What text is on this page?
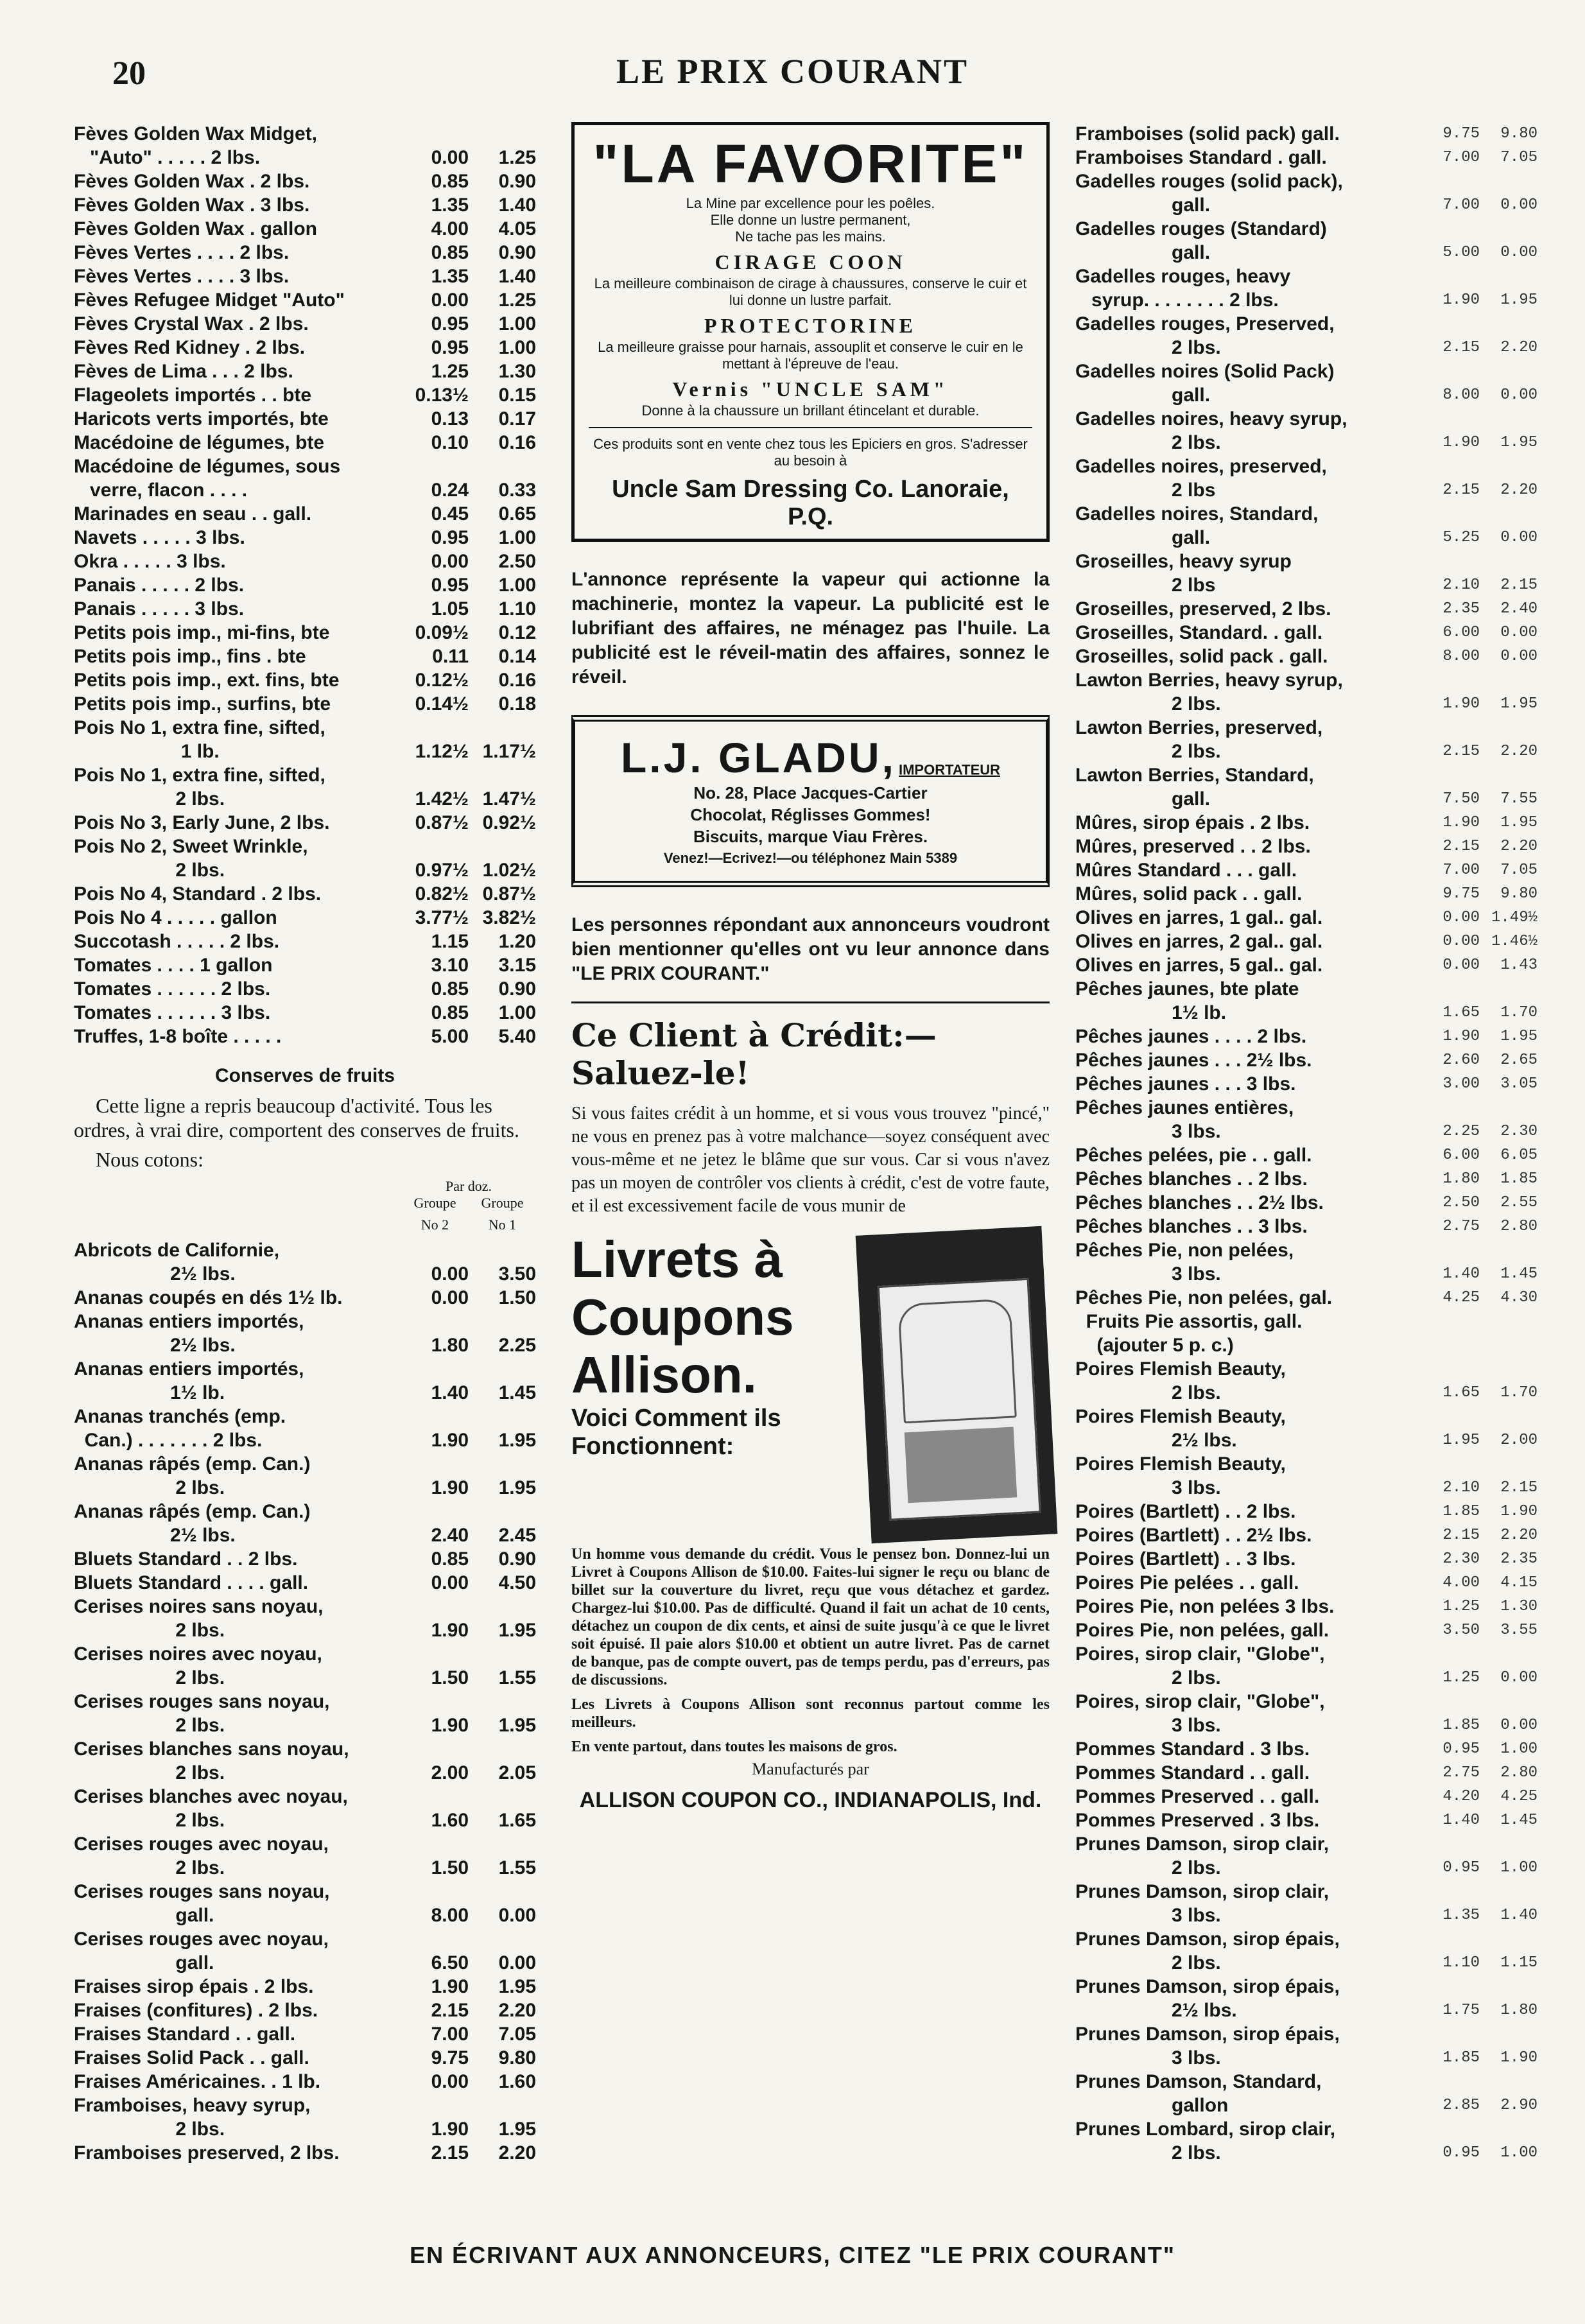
20	LE PRIX COURANT
Fèves Golden Wax Midget,
"Auto" . . . . . 2 lbs.	0.00	1.25
Fèves Golden Wax . 2 lbs.	0.85	0.90
Fèves Golden Wax . 3 lbs.	1.35	1.40
Fèves Golden Wax . gallon	4.00	4.05
Fèves Vertes . . . . 2 lbs.	0.85	0.90
Fèves Vertes . . . . 3 lbs.	1.35	1.40
Fèves Refugee Midget "Auto"	0.00	1.25
Fèves Crystal Wax . 2 lbs.	0.95	1.00
Fèves Red Kidney . 2 lbs.	0.95	1.00
Fèves de Lima . . . 2 lbs.	1.25	1.30
Flageolets importés . . bte	0.13½	0.15
Haricots verts importés, bte	0.13	0.17
Macédoine de légumes, bte	0.10	0.16
Macédoine de légumes, sous
verre, flacon . . . .	0.24	0.33
Marinades en seau . . gall.	0.45	0.65
Navets . . . . . 3 lbs.	0.95	1.00
Okra . . . . . 3 lbs.	0.00	2.50
Panais . . . . . 2 lbs.	0.95	1.00
Panais . . . . . 3 lbs.	1.05	1.10
Petits pois imp., mi-fins, bte	0.09½	0.12
Petits pois imp., fins . bte	0.11	0.14
Petits pois imp., ext. fins, bte	0.12½	0.16
Petits pois imp., surfins, bte	0.14½	0.18
Pois No 1, extra fine, sifted,
1 lb.	1.12½ 1.17½
Pois No 1, extra fine, sifted,
2 lbs.	1.42½ 1.47½
Pois No 3, Early June, 2 lbs.	0.87½ 0.92½
Pois No 2, Sweet Wrinkle,
2 lbs.	0.97½ 1.02½
Pois No 4, Standard . 2 lbs.	0.82½ 0.87½
Pois No 4 . . . . . gallon	3.77½ 3.82½
Succotash . . . . . 2 lbs.	1.15	1.20
Tomates . . . . 1 gallon	3.10	3.15
Tomates . . . . . . 2 lbs.	0.85	0.90
Tomates . . . . . . 3 lbs.	0.85	1.00
Truffes, 1-8 boîte . . . . .	5.00	5.40
Conserves de fruits

Cette ligne a repris beaucoup d'activité. Tous les ordres, à vrai dire, comportent des conserves de fruits.

Nous cotons:

Par doz.
Groupe	Groupe
No 2	No 1
Abricots de Californie,
2½ lbs.	0.00	3.50
Ananas coupés en dés 1½ lb.	0.00	1.50
Ananas entiers importés,
2½ lbs.	1.80	2.25
Ananas entiers importés,
1½ lb.	1.40	1.45
Ananas tranchés (emp.
Can.) . . . . . . . 2 lbs.	1.90	1.95
Ananas râpés (emp. Can.)
2 lbs.	1.90	1.95
Ananas râpés (emp. Can.)
2½ lbs.	2.40	2.45
Bluets Standard . . 2 lbs.	0.85	0.90
Bluets Standard . . . . gall.	0.00	4.50
Cerises noires sans noyau,
2 lbs.	1.90	1.95
Cerises noires avec noyau,
2 lbs.	1.50	1.55
Cerises rouges sans noyau,
2 lbs.	1.90	1.95
Cerises blanches sans noyau,
2 lbs.	2.00	2.05
Cerises blanches avec noyau,
2 lbs.	1.60	1.65
Cerises rouges avec noyau,
2 lbs.	1.50	1.55
Cerises rouges sans noyau,
gall.	8.00	0.00
Cerises rouges avec noyau,
gall.	6.50	0.00
Fraises sirop épais . 2 lbs.	1.90	1.95
Fraises (confitures) . 2 lbs.	2.15	2.20
Fraises Standard . . gall.	7.00	7.05
Fraises Solid Pack . . gall.	9.75	9.80
Fraises Américaines. . 1 lb.	0.00	1.60
Framboises, heavy syrup,
2 lbs.	1.90	1.95
Framboises preserved, 2 lbs.	2.15	2.20
"LA FAVORITE"
La Mine par excellence pour les poêles.
Elle donne un lustre permanent,
Ne tache pas les mains.
CIRAGE COON
La meilleure combinaison de cirage à chaussures, conserve le cuir et lui donne un lustre parfait.
PROTECTORINE
La meilleure graisse pour harnais, assouplit et conserve le cuir en le mettant à l'épreuve de l'eau.
Vernis "UNCLE SAM"
Donne à la chaussure un brillant étincelant et durable.
Ces produits sont en vente chez tous les Epiciers en gros. S'adresser au besoin à
Uncle Sam Dressing Co. Lanoraie, P.Q.
L'annonce représente la vapeur qui actionne la machinerie, montez la vapeur. La publicité est le lubrifiant des affaires, ne ménagez pas l'huile. La publicité est le réveil-matin des affaires, sonnez le réveil.
L.J. GLADU, IMPORTATEUR
No. 28, Place Jacques-Cartier
Chocolat, Réglisses Gommes!
Biscuits, marque Viau Frères.
Venez!—Ecrivez!—ou téléphonez Main 5389
Les personnes répondant aux annonceurs voudront bien mentionner qu'elles ont vu leur annonce dans "LE PRIX COURANT."
Ce Client à Crédit:—Saluez-le!
Si vous faites crédit à un homme, et si vous vous trouvez "pincé," ne vous en prenez pas à votre malchance—soyez conséquent avec vous-même et ne jetez le blâme que sur vous. Car si vous n'avez pas un moyen de contrôler vos clients à crédit, c'est de votre faute, et il est excessivement facile de vous munir de
Livrets à Coupons Allison.
Voici Comment ils Fonctionnent:
Un homme vous demande du crédit. Vous le pensez bon. Donnez-lui un Livret à Coupons Allison de $10.00. Faites-lui signer le reçu ou blanc de billet sur la couverture du livret, reçu que vous détachez et gardez. Chargez-lui $10.00. Pas de difficulté. Quand il fait un achat de 10 cents, détachez un coupon de dix cents, et ainsi de suite jusqu'à ce que le livret soit épuisé. Il paie alors $10.00 et obtient un autre livret. Pas de carnet de banque, pas de compte ouvert, pas de temps perdu, pas d'erreurs, pas de discussions.
Les Livrets à Coupons Allison sont reconnus partout comme les meilleurs.
En vente partout, dans toutes les maisons de gros.
Manufacturés par
ALLISON COUPON CO., INDIANAPOLIS, Ind.
Framboises (solid pack) gall.	9.75	9.80
Framboises Standard . gall.	7.00	7.05
Gadelles rouges (solid pack),
gall.	7.00	0.00
Gadelles rouges (Standard)
gall.	5.00	0.00
Gadelles rouges, heavy
syrup. . . . . . . . 2 lbs.	1.90	1.95
Gadelles rouges, Preserved,
2 lbs.	2.15	2.20
Gadelles noires (Solid Pack)
gall.	8.00	0.00
Gadelles noires, heavy syrup,
2 lbs.	1.90	1.95
Gadelles noires, preserved,
2 lbs	2.15	2.20
Gadelles noires, Standard,
gall.	5.25	0.00
Groseilles, heavy syrup
2 lbs	2.10	2.15
Groseilles, preserved, 2 lbs.	2.35	2.40
Groseilles, Standard. . gall.	6.00	0.00
Groseilles, solid pack . gall.	8.00	0.00
Lawton Berries, heavy syrup,
2 lbs.	1.90	1.95
Lawton Berries, preserved,
2 lbs.	2.15	2.20
Lawton Berries, Standard,
gall.	7.50	7.55
Mûres, sirop épais . 2 lbs.	1.90	1.95
Mûres, preserved . . 2 lbs.	2.15	2.20
Mûres Standard . . . gall.	7.00	7.05
Mûres, solid pack . . gall.	9.75	9.80
Olives en jarres, 1 gal.. gal.	0.00 1.49½
Olives en jarres, 2 gal.. gal.	0.00 1.46½
Olives en jarres, 5 gal.. gal.	0.00	1.43
Pêches jaunes, bte plate
1½ lb.	1.65	1.70
Pêches jaunes . . . . 2 lbs.	1.90	1.95
Pêches jaunes . . . 2½ lbs.	2.60	2.65
Pêches jaunes . . . 3 lbs.	3.00	3.05
Pêches jaunes entières,
3 lbs.	2.25	2.30
Pêches pelées, pie . . gall.	6.00	6.05
Pêches blanches . . 2 lbs.	1.80	1.85
Pêches blanches . . 2½ lbs.	2.50	2.55
Pêches blanches . . 3 lbs.	2.75	2.80
Pêches Pie, non pelées,
3 lbs.	1.40	1.45
Pêches Pie, non pelées, gal.	4.25	4.30
Fruits Pie assortis, gall.
(ajouter 5 p. c.)
Poires Flemish Beauty,
2 lbs.	1.65	1.70
Poires Flemish Beauty,
2½ lbs.	1.95	2.00
Poires Flemish Beauty,
3 lbs.	2.10	2.15
Poires (Bartlett) . . 2 lbs.	1.85	1.90
Poires (Bartlett) . . 2½ lbs.	2.15	2.20
Poires (Bartlett) . . 3 lbs.	2.30	2.35
Poires Pie pelées . . gall.	4.00	4.15
Poires Pie, non pelées 3 lbs.	1.25	1.30
Poires Pie, non pelées, gall.	3.50	3.55
Poires, sirop clair, "Globe",
2 lbs.	1.25	0.00
Poires, sirop clair, "Globe",
3 lbs.	1.85	0.00
Pommes Standard . 3 lbs.	0.95	1.00
Pommes Standard . . gall.	2.75	2.80
Pommes Preserved . . gall.	4.20	4.25
Pommes Preserved . 3 lbs.	1.40	1.45
Prunes Damson, sirop clair,
2 lbs.	0.95	1.00
Prunes Damson, sirop clair,
3 lbs.	1.35	1.40
Prunes Damson, sirop épais,
2 lbs.	1.10	1.15
Prunes Damson, sirop épais,
2½ lbs.	1.75	1.80
Prunes Damson, sirop épais,
3 lbs.	1.85	1.90
Prunes Damson, Standard,
gallon	2.85	2.90
Prunes Lombard, sirop clair,
2 lbs.	0.95	1.00
EN ÉCRIVANT AUX ANNONCEURS, CITEZ "LE PRIX COURANT"
